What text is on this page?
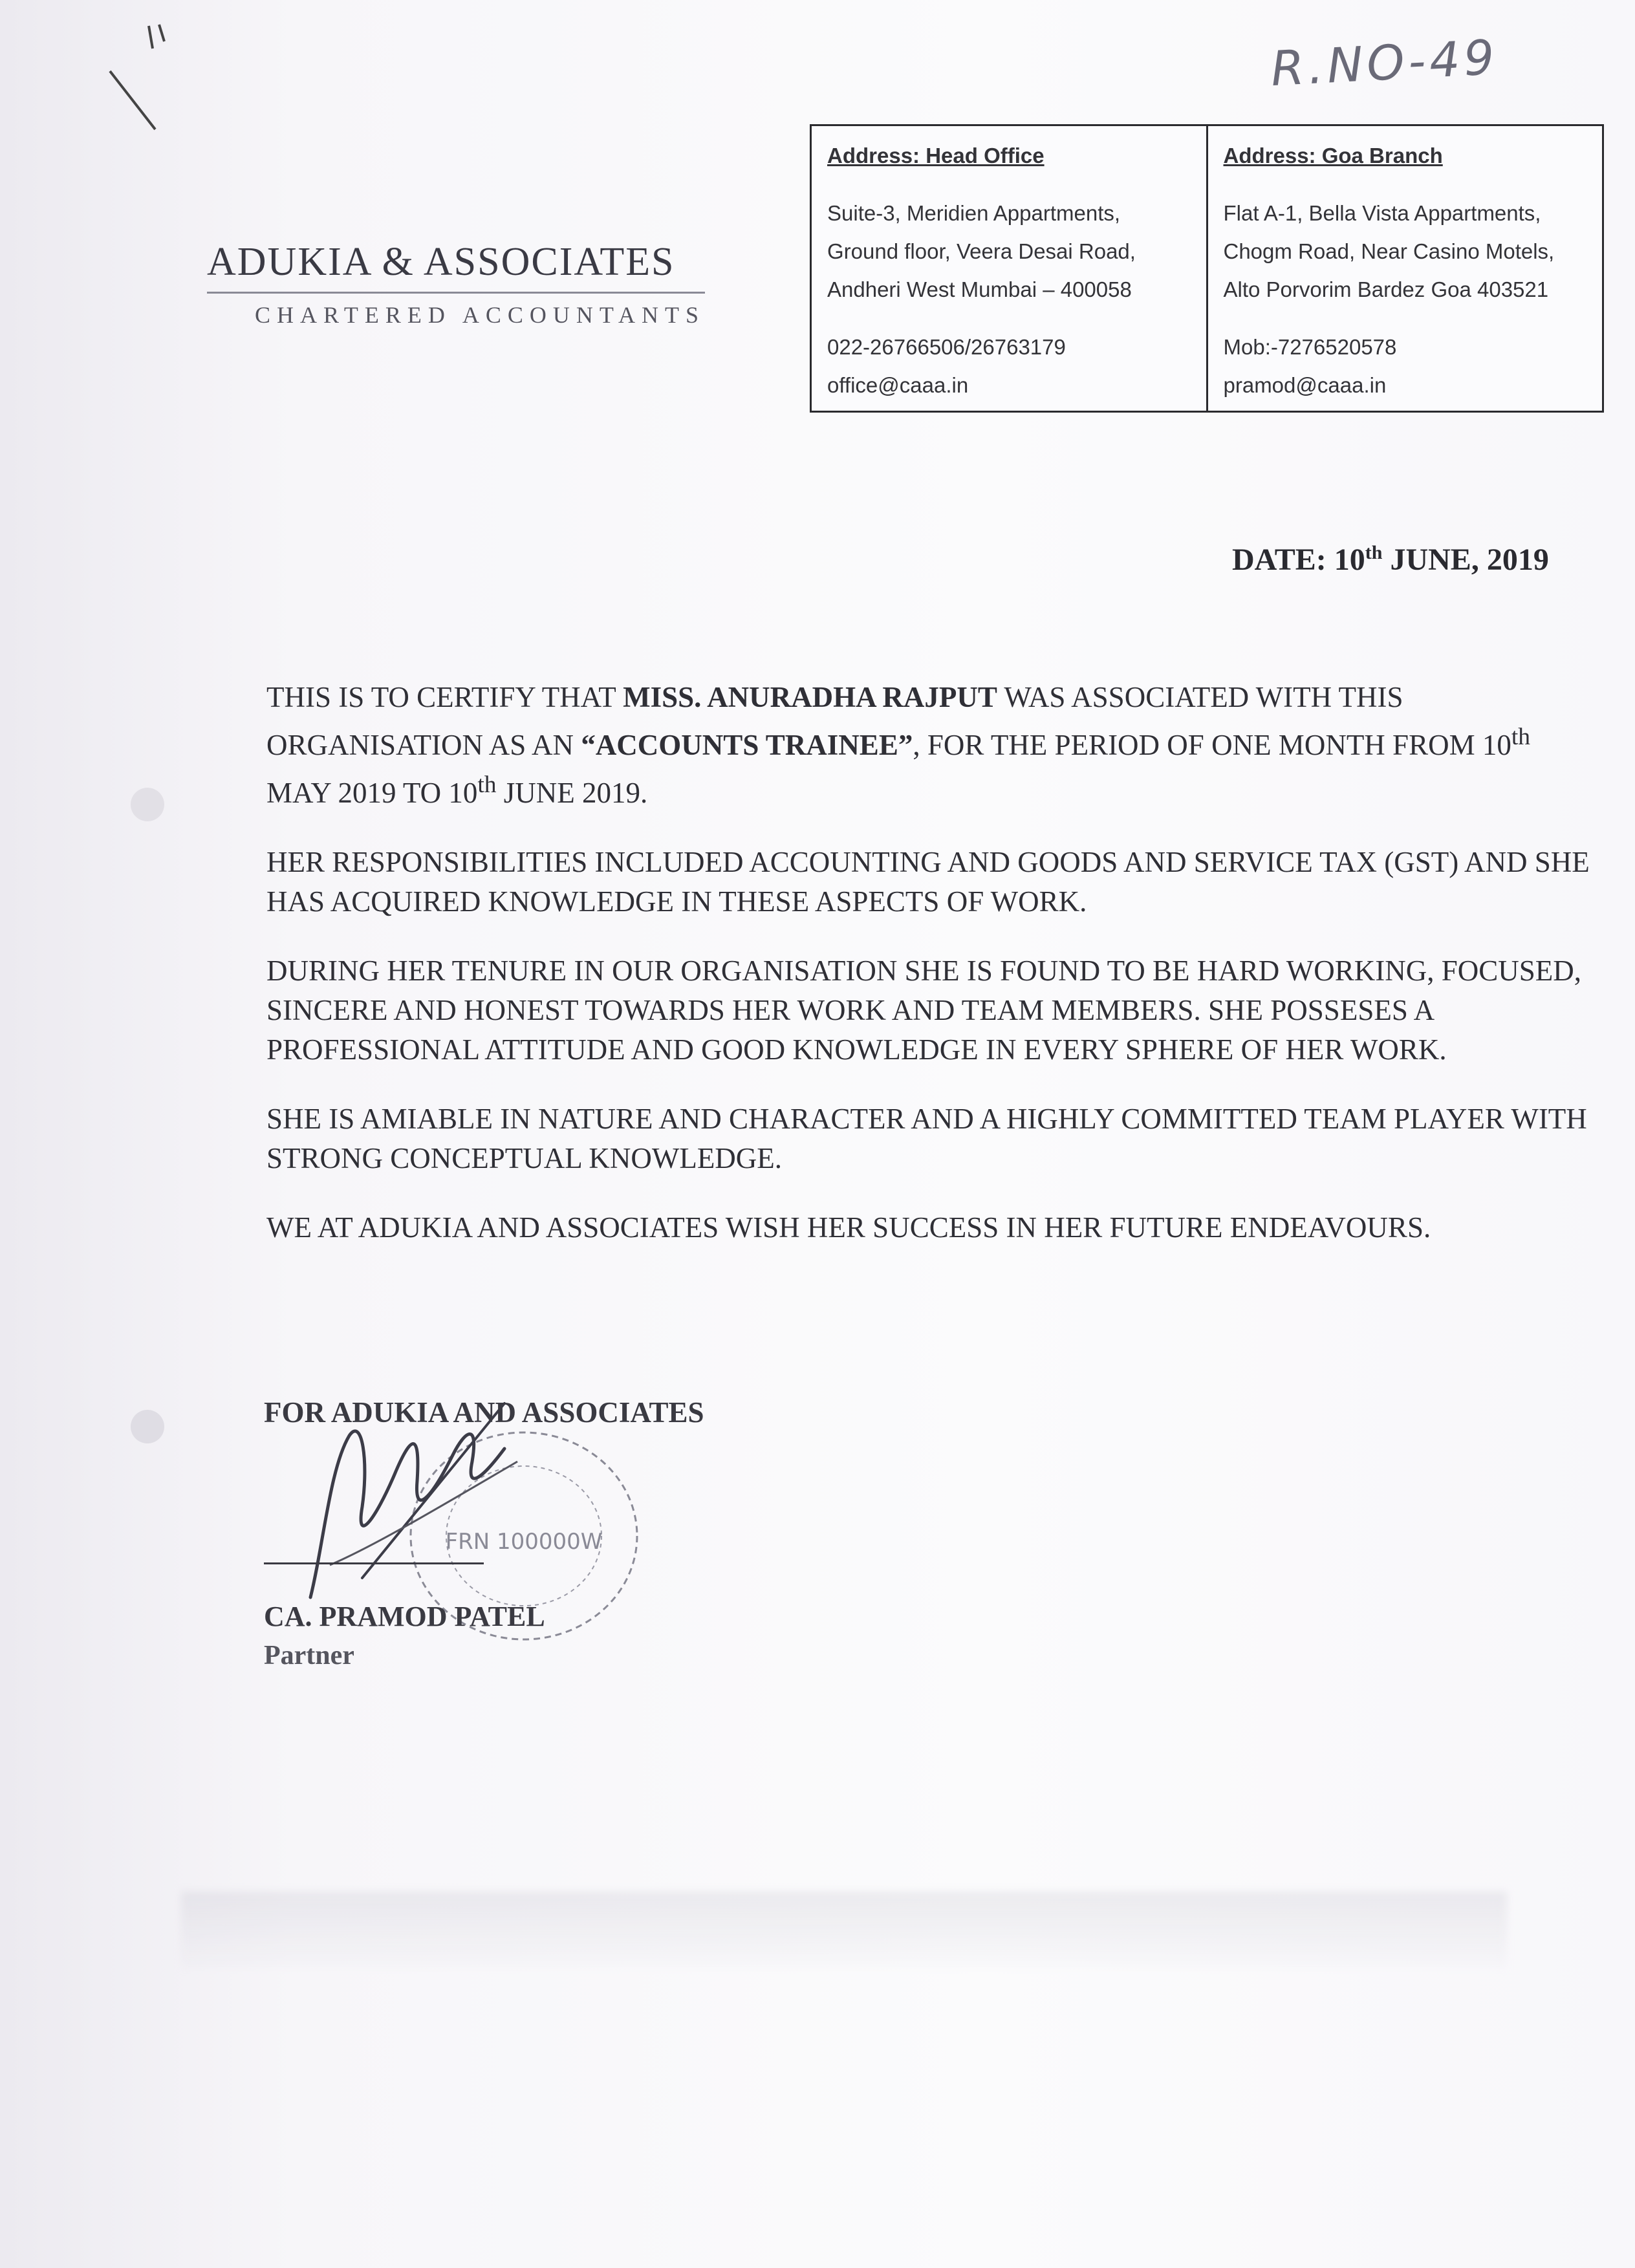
R.NO-49
ADUKIA & ASSOCIATES
CHARTERED ACCOUNTANTS
Address: Head Office
Suite-3, Meridien Appartments,
Ground floor, Veera Desai Road,
Andheri West Mumbai – 400058
022-26766506/26763179
office@caaa.in
Address: Goa Branch
Flat A-1, Bella Vista Appartments,
Chogm Road, Near Casino Motels,
Alto Porvorim Bardez Goa 403521
Mob:-7276520578
pramod@caaa.in
DATE: 10th JUNE, 2019

THIS IS TO CERTIFY THAT MISS. ANURADHA RAJPUT WAS ASSOCIATED WITH THIS ORGANISATION AS AN “ACCOUNTS TRAINEE”, FOR THE PERIOD OF ONE MONTH FROM 10th MAY 2019 TO 10th JUNE 2019.

HER RESPONSIBILITIES INCLUDED ACCOUNTING AND GOODS AND SERVICE TAX (GST) AND SHE HAS ACQUIRED KNOWLEDGE IN THESE ASPECTS OF WORK.

DURING HER TENURE IN OUR ORGANISATION SHE IS FOUND TO BE HARD WORKING, FOCUSED, SINCERE AND HONEST TOWARDS HER WORK AND TEAM MEMBERS. SHE POSSESES A PROFESSIONAL ATTITUDE AND GOOD KNOWLEDGE IN EVERY SPHERE OF HER WORK.

SHE IS AMIABLE IN NATURE AND CHARACTER AND A HIGHLY COMMITTED TEAM PLAYER WITH STRONG CONCEPTUAL KNOWLEDGE.

WE AT ADUKIA AND ASSOCIATES WISH HER SUCCESS IN HER FUTURE ENDEAVOURS.

FRN 100000W
FOR ADUKIA AND ASSOCIATES
CA. PRAMOD PATEL
Partner
